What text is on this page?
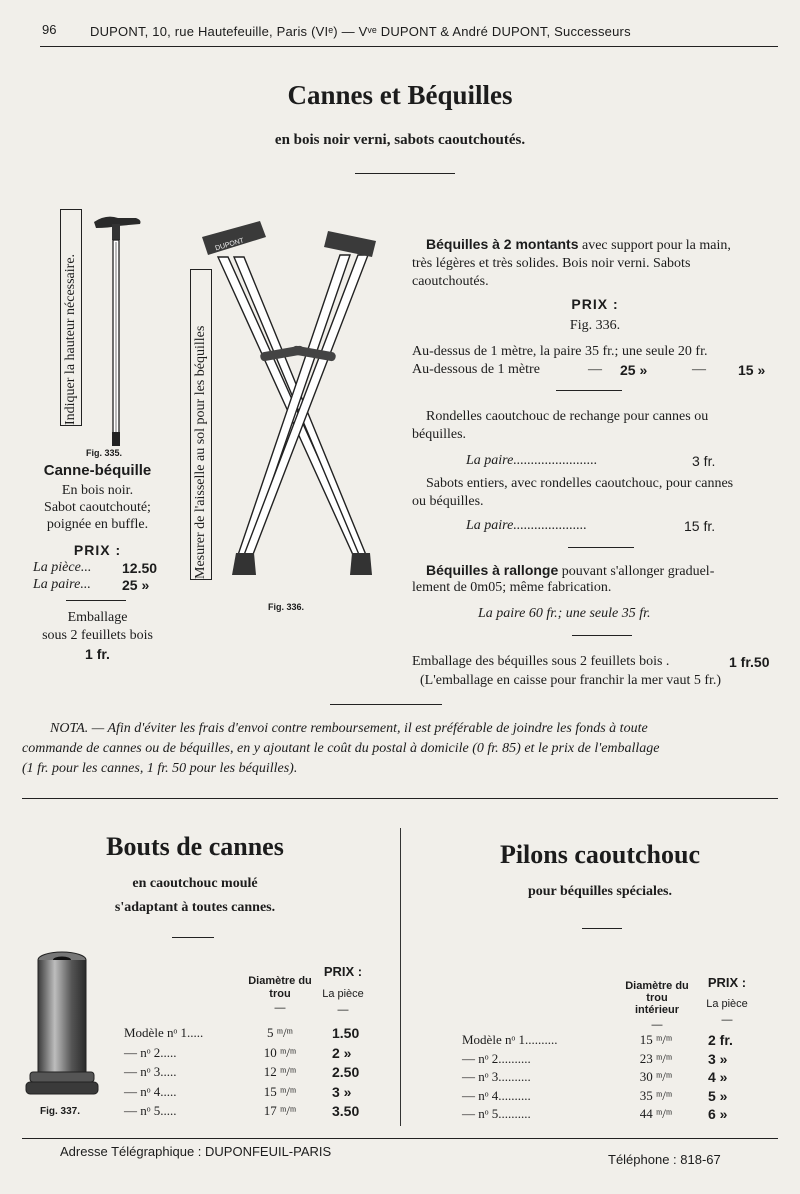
96	DUPONT, 10, rue Hautefeuille, Paris (VIᵉ) — Vᵛᵉ DUPONT & André DUPONT, Successeurs
Cannes et Béquilles
en bois noir verni, sabots caoutchoutés.
Indiquer la hauteur nécessaire.	Mesurer de l'aisselle au sol pour les béquilles
DUPONT
Fig. 335.
Canne-béquille
En bois noir.
Sabot caoutchouté;
poignée en buffle.
PRIX :
La pièce... 12.50
La paire... 25 »
Emballage
sous 2 feuillets bois
1 fr.
Fig. 336.
Béquilles à 2 montants avec support pour la main,
très légères et très solides. Bois noir verni. Sabots
caoutchoutés.
PRIX :
Fig. 336.
Au-dessus de 1 mètre, la paire 35 fr.; une seule 20 fr.
Au-dessous de 1 mètre	— 25 »	— 15 »
Rondelles caoutchouc de rechange pour cannes ou
béquilles.
La paire........................	3 fr.
Sabots entiers, avec rondelles caoutchouc, pour cannes
ou béquilles.
La paire.....................	15 fr.
Béquilles à rallonge pouvant s'allonger graduel-
lement de 0m05; même fabrication.
La paire 60 fr.; une seule 35 fr.
Emballage des béquilles sous 2 feuillets bois .	1 fr.50
(L'emballage en caisse pour franchir la mer vaut 5 fr.)
NOTA. — Afin d'éviter les frais d'envoi contre remboursement, il est préférable de joindre les fonds à toute
commande de cannes ou de béquilles, en y ajoutant le coût du postal à domicile (0 fr. 85) et le prix de l'emballage
(1 fr. pour les cannes, 1 fr. 50 pour les béquilles).
Bouts de cannes
en caoutchouc moulé
s'adaptant à toutes cannes.
Fig. 337.
Diamètre du trou
—
PRIX :
La pièce
—
Modèle nᵒ 1.....	5 ᵐ/ᵐ	1.50
— nᵒ 2.....	10 ᵐ/ᵐ	2 »
— nᵒ 3.....	12 ᵐ/ᵐ	2.50
— nᵒ 4.....	15 ᵐ/ᵐ	3 »
— nᵒ 5.....	17 ᵐ/ᵐ	3.50
Pilons caoutchouc
pour béquilles spéciales.
Diamètre du trou intérieur
—
PRIX :
La pièce
—
Modèle nᵒ 1..........	15 ᵐ/ᵐ	2 fr.
— nᵒ 2..........	23 ᵐ/ᵐ	3 »
— nᵒ 3..........	30 ᵐ/ᵐ	4 »
— nᵒ 4..........	35 ᵐ/ᵐ	5 »
— nᵒ 5..........	44 ᵐ/ᵐ	6 »
Adresse Télégraphique : DUPONFEUIL-PARIS
Téléphone : 818-67
